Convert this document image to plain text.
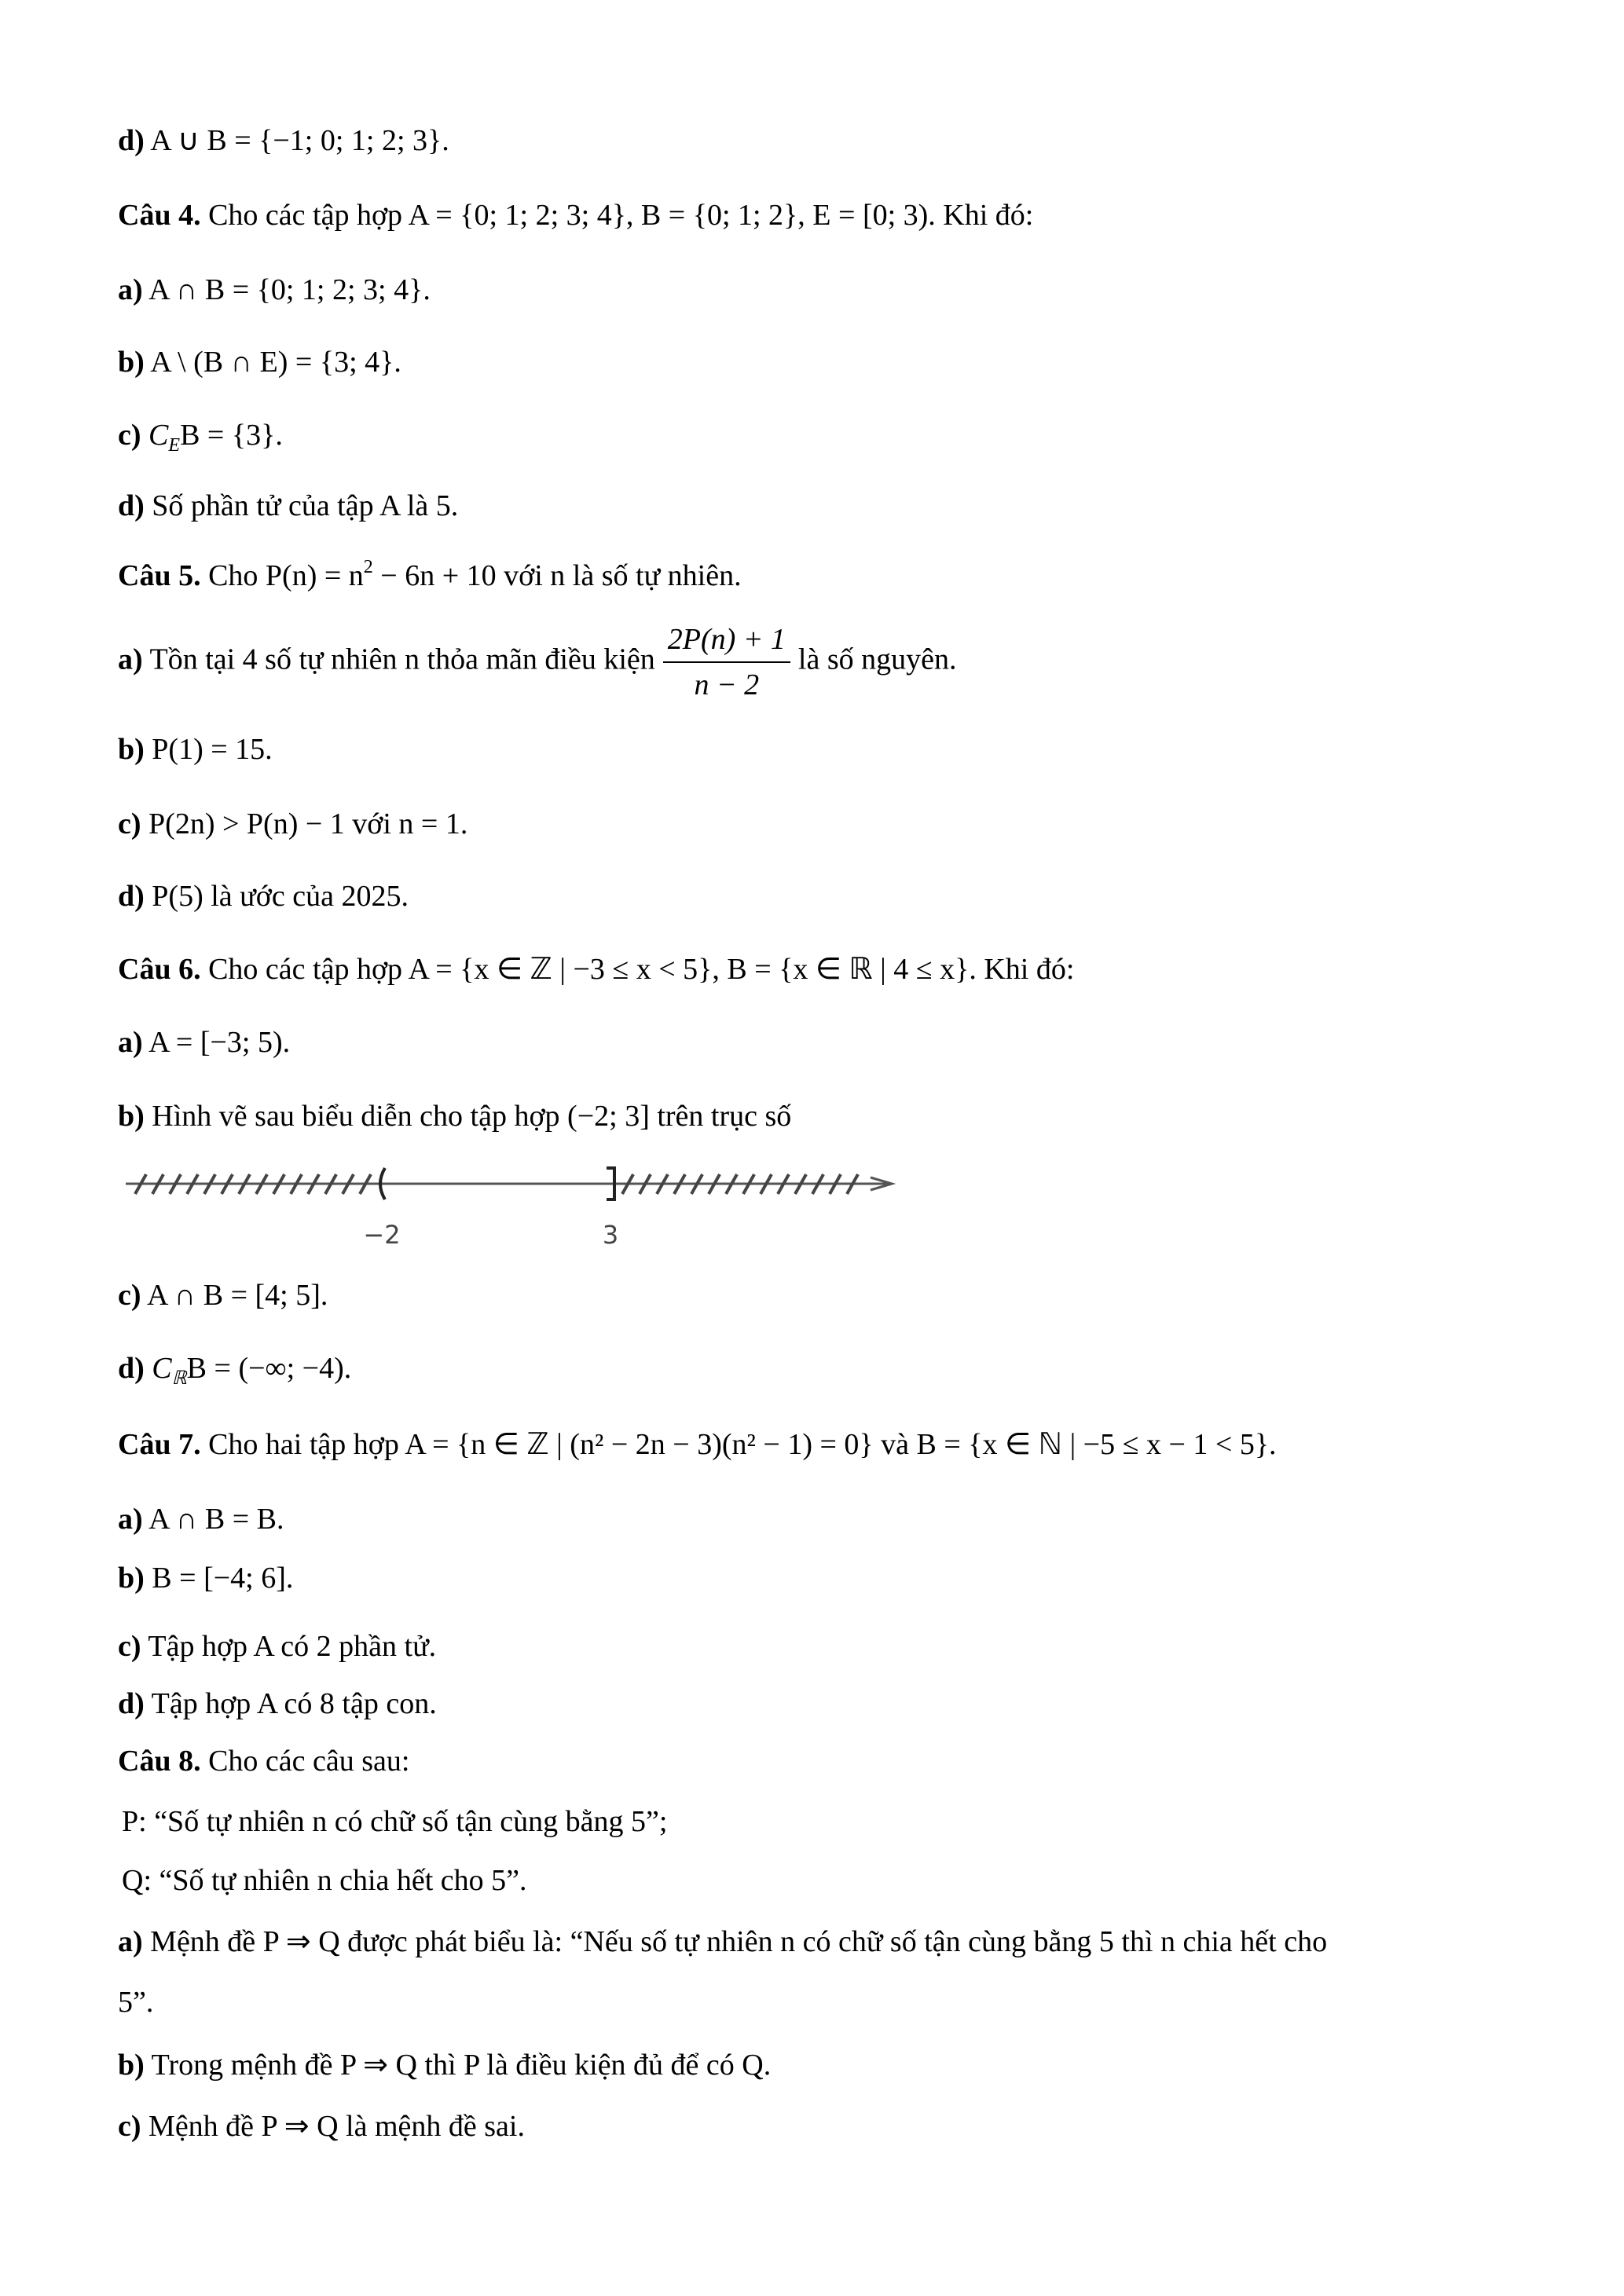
d) A ∪ B = {−1; 0; 1; 2; 3}.
Câu 4. Cho các tập hợp A = {0; 1; 2; 3; 4}, B = {0; 1; 2}, E = [0; 3). Khi đó:
a) A ∩ B = {0; 1; 2; 3; 4}.
b) A \ (B ∩ E) = {3; 4}.
c) $C_EB = \{3\}$.
d) Số phần tử của tập A là 5.
Câu 5. Cho $P(n) = n^2 - 6n + 10$ với n là số tự nhiên.
a) Tồn tại 4 số tự nhiên n thỏa mãn điều kiện $\frac{2P(n) + 1}{n - 2}$ là số nguyên.
b) P(1) = 15.
c) P(2n) > P(n) − 1 với n = 1.
d) P(5) là ước của 2025.
Câu 6. Cho các tập hợp A = {x ∈ ℤ | −3 ≤ x < 5}, B = {x ∈ ℝ | 4 ≤ x}. Khi đó:
a) A = [−3; 5).
b) Hình vẽ sau biểu diễn cho tập hợp (−2; 3] trên trục số
−2	3
c) A ∩ B = [4; 5].
d) $C_ℝB$ = (−∞; −4).
Câu 7. Cho hai tập hợp A = {n ∈ ℤ | (n² − 2n − 3)(n² − 1) = 0} và B = {x ∈ ℕ | −5 ≤ x − 1 < 5}.
a) A ∩ B = B.
b) B = [−4; 6].
c) Tập hợp A có 2 phần tử.
d) Tập hợp A có 8 tập con.
Câu 8. Cho các câu sau:
P: “Số tự nhiên n có chữ số tận cùng bằng 5”;
Q: “Số tự nhiên n chia hết cho 5”.
a) Mệnh đề P ⇒ Q được phát biểu là: “Nếu số tự nhiên n có chữ số tận cùng bằng 5 thì n chia hết cho
5”.
b) Trong mệnh đề P ⇒ Q thì P là điều kiện đủ để có Q.
c) Mệnh đề P ⇒ Q là mệnh đề sai.
